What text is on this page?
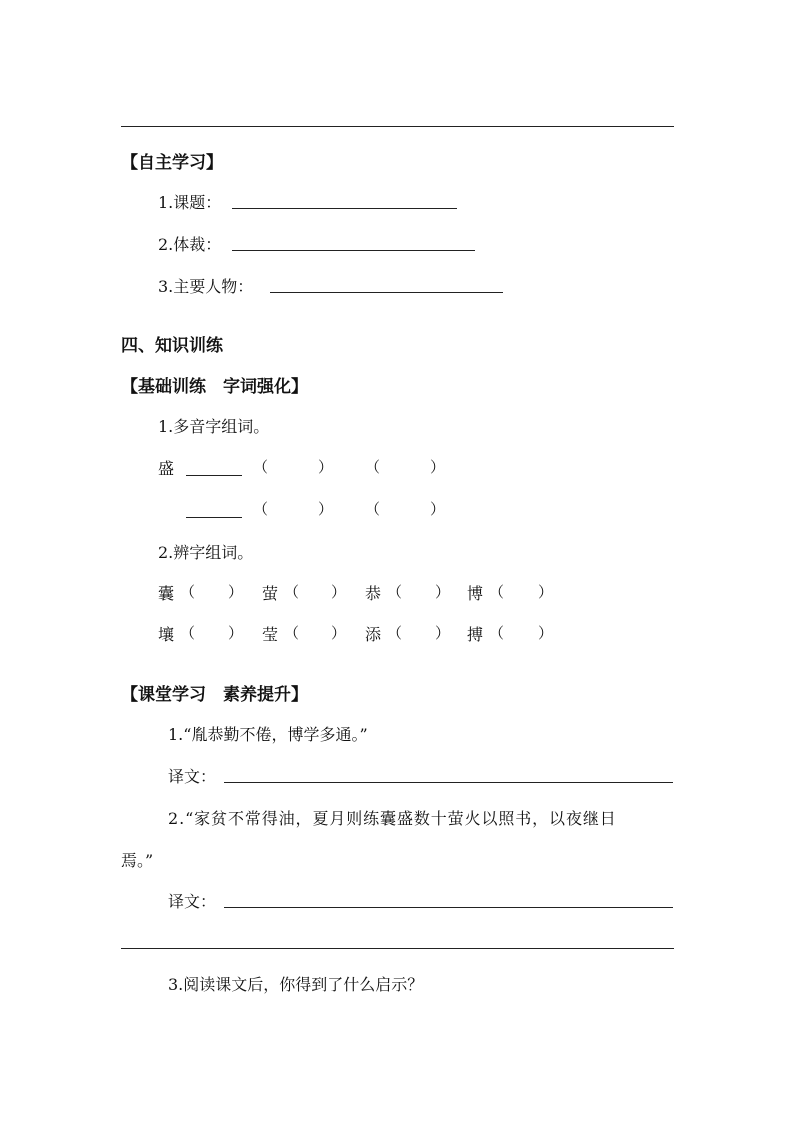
【自主学习】
1.课题：
2.体裁：
3.主要人物：
四、知识训练
【基础训练　字词强化】
1.多音字组词。
盛	（	） （	）
（	） （	）
2.辨字组词。
囊 （ ） 萤 （ ） 恭 （ ） 博 （ ）
壤 （ ） 莹 （ ） 添 （ ） 搏 （ ）
【课堂学习　素养提升】
1.“胤恭勤不倦，博学多通。”
译文：
2.“家贫不常得油，夏月则练囊盛数十萤火以照书，以夜继日
焉。”
译文：
3.阅读课文后，你得到了什么启示？
